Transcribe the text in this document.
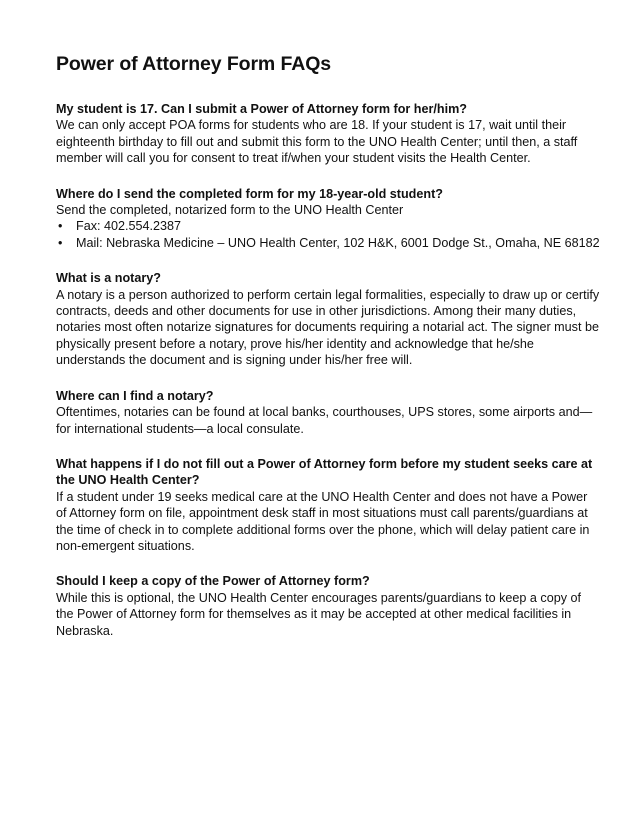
Power of Attorney Form FAQs

My student is 17. Can I submit a Power of Attorney form for her/him?

We can only accept POA forms for students who are 18. If your student is 17, wait until their eighteenth birthday to fill out and submit this form to the UNO Health Center; until then, a staff member will call you for consent to treat if/when your student visits the Health Center.

Where do I send the completed form for my 18-year-old student?

Send the completed, notarized form to the UNO Health Center

• Fax: 402.554.2387
• Mail: Nebraska Medicine – UNO Health Center, 102 H&K, 6001 Dodge St., Omaha, NE 68182

What is a notary?

A notary is a person authorized to perform certain legal formalities, especially to draw up or certify contracts, deeds and other documents for use in other jurisdictions. Among their many duties, notaries most often notarize signatures for documents requiring a notarial act. The signer must be physically present before a notary, prove his/her identity and acknowledge that he/she understands the document and is signing under his/her free will.

Where can I find a notary?

Oftentimes, notaries can be found at local banks, courthouses, UPS stores, some airports and—for international students—a local consulate.

What happens if I do not fill out a Power of Attorney form before my student seeks care at the UNO Health Center?

If a student under 19 seeks medical care at the UNO Health Center and does not have a Power of Attorney form on file, appointment desk staff in most situations must call parents/guardians at the time of check in to complete additional forms over the phone, which will delay patient care in non-emergent situations.

Should I keep a copy of the Power of Attorney form?

While this is optional, the UNO Health Center encourages parents/guardians to keep a copy of the Power of Attorney form for themselves as it may be accepted at other medical facilities in Nebraska.
